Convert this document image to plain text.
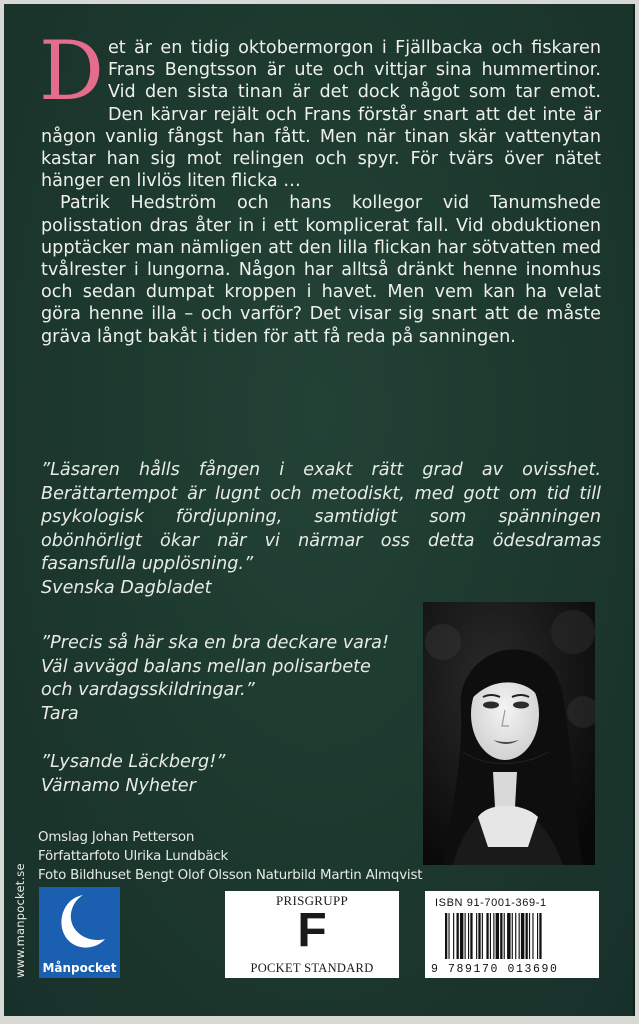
D et är en tidig oktobermorgon i Fjällbacka och fiskaren Frans Bengtsson är ute och vittjar sina hummertinor. Vid den sista tinan är det dock något som tar emot. Den kärvar rejält och Frans förstår snart att det inte är någon vanlig fångst han fått. Men när tinan skär vattenytan kastar han sig mot relingen och spyr. För tvärs över nätet hänger en livlös liten flicka …

Patrik Hedström och hans kollegor vid Tanumshede polisstation dras åter in i ett komplicerat fall. Vid obduktionen upptäcker man nämligen att den lilla flickan har sötvatten med tvålrester i lungorna. Någon har alltså dränkt henne inomhus och sedan dumpat kroppen i havet. Men vem kan ha velat göra henne illa – och varför? Det visar sig snart att de måste gräva långt bakåt i tiden för att få reda på sanningen.

”Läsaren hålls fången i exakt rätt grad av ovisshet. Berättartempot är lugnt och metodiskt, med gott om tid till psykologisk fördjupning, samtidigt som spänningen obönhörligt ökar när vi närmar oss detta ödesdramas fasansfulla upplösning.”
Svenska Dagbladet
”Precis så här ska en bra deckare vara!
Väl avvägd balans mellan polisarbete
och vardagsskildringar.”
Tara
”Lysande Läckberg!”
Värnamo Nyheter
Omslag Johan Petterson
Författarfoto Ulrika Lundbäck
Foto Bildhuset Bengt Olof Olsson Naturbild Martin Almqvist
www.manpocket.se Månpocket
PRISGRUPP
F
POCKET STANDARD
ISBN 91-7001-369-1
9 789170 013690
